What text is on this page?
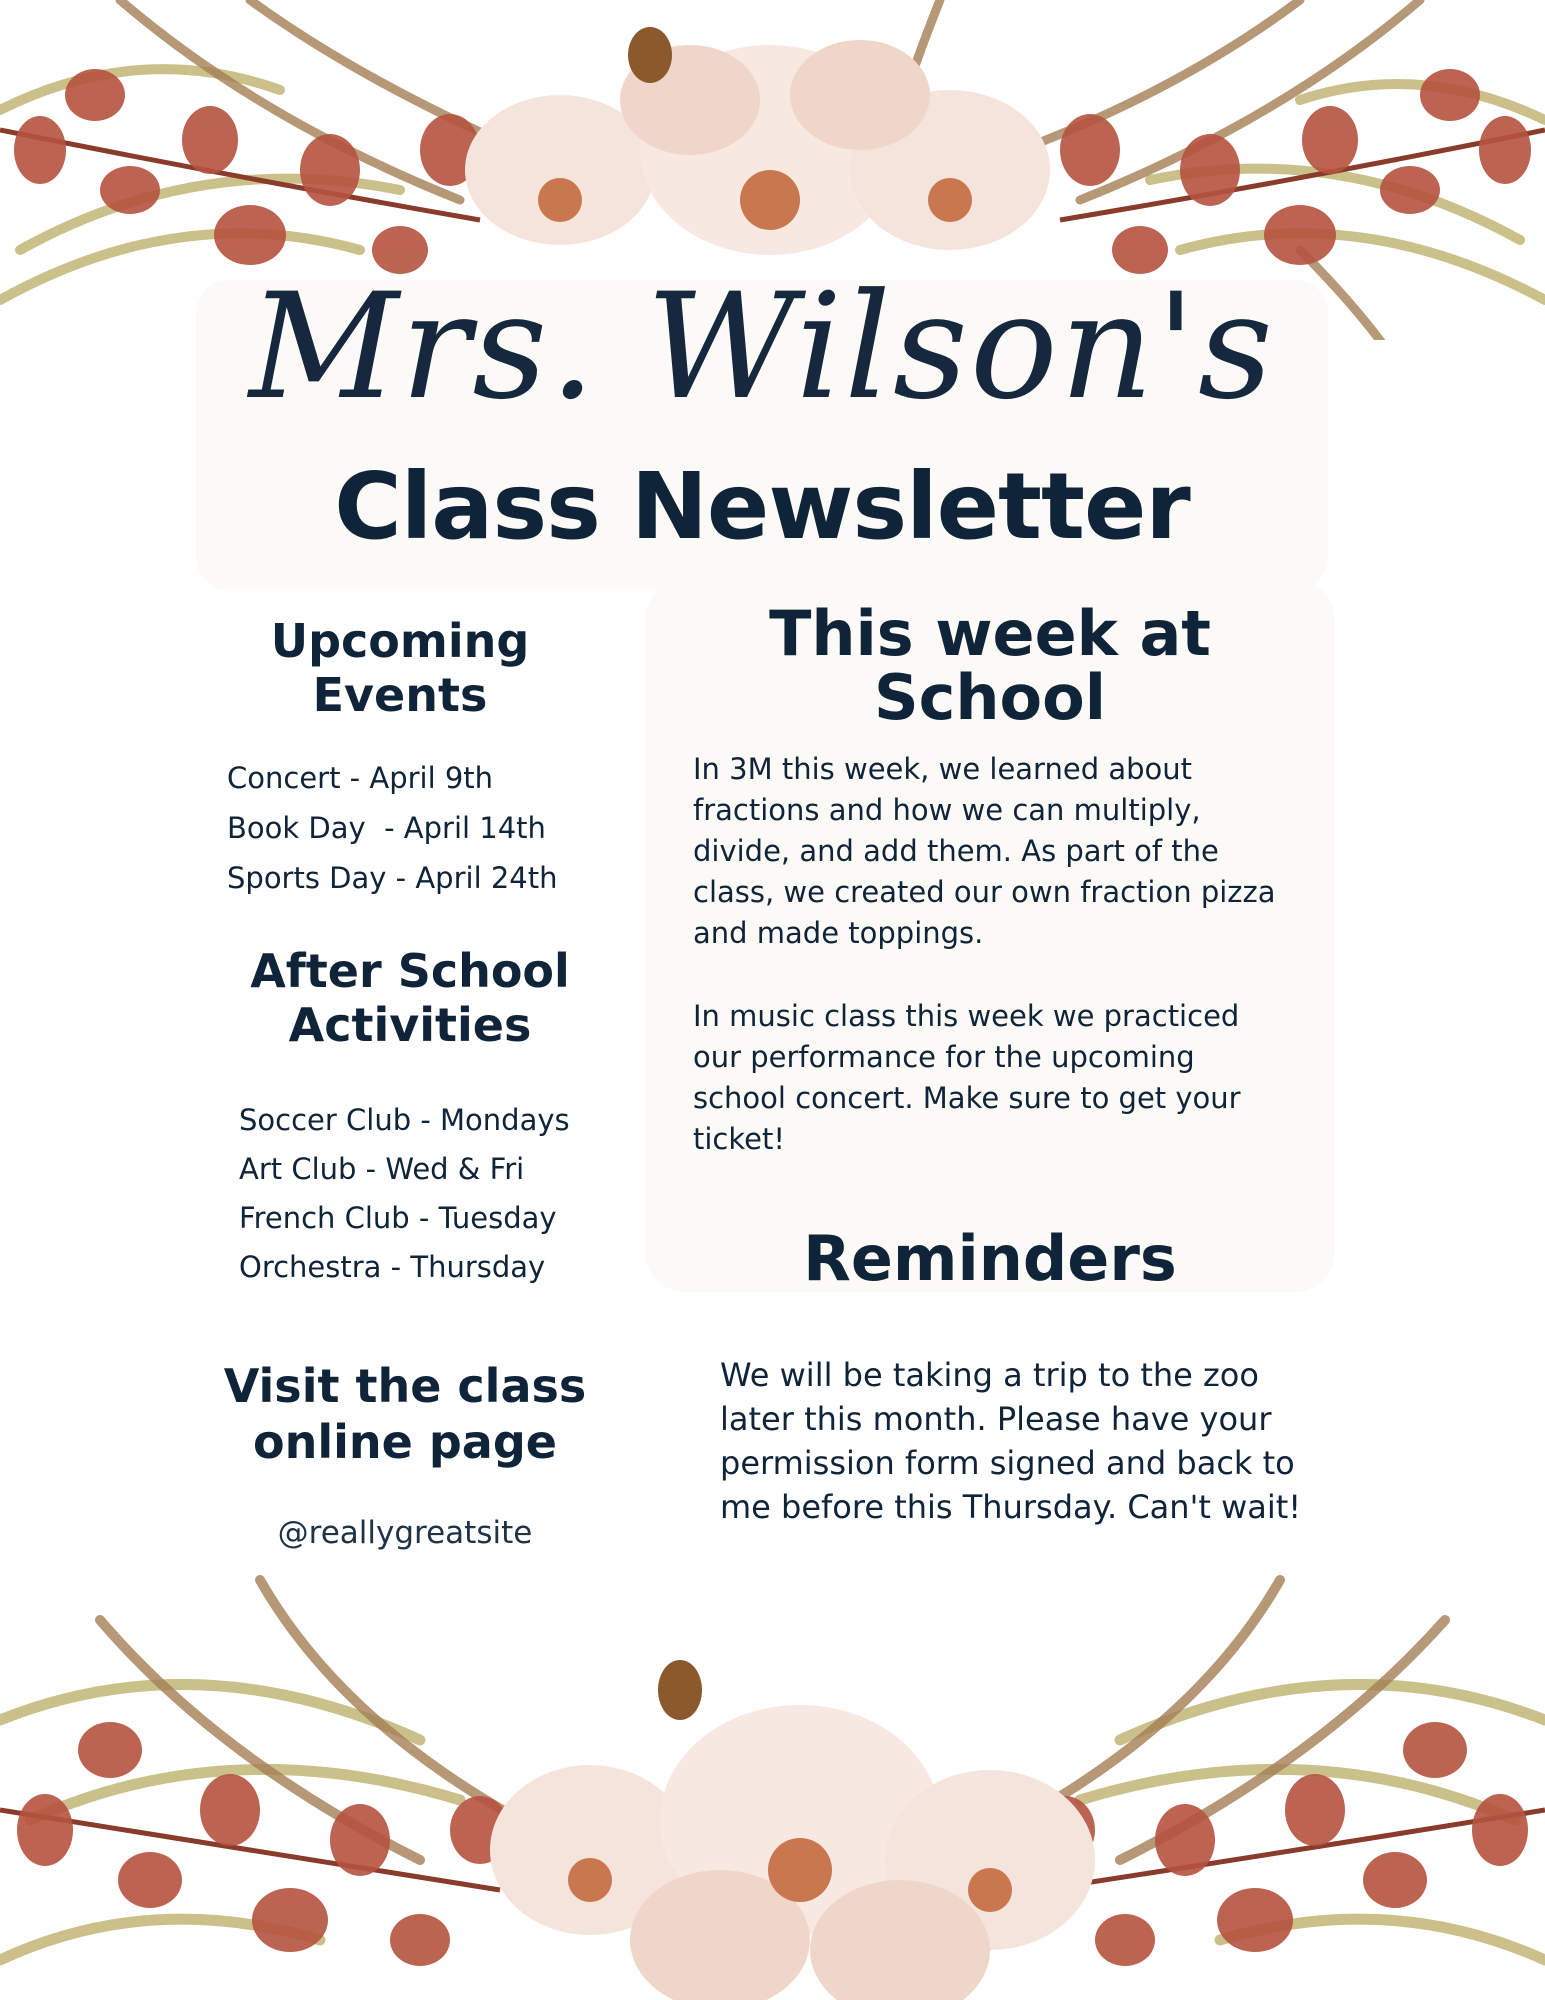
Mrs. Wilson's
Class Newsletter
Upcoming
Events
Concert - April 9th
Book Day  - April 14th
Sports Day - April 24th
After School
Activities
Soccer Club - Mondays
Art Club - Wed & Fri
French Club - Tuesday
Orchestra - Thursday
Visit the class
online page
@reallygreatsite
This week at
School

In 3M this week, we learned about fractions and how we can multiply, divide, and add them. As part of the class, we created our own fraction pizza and made toppings.

In music class this week we practiced our performance for the upcoming school concert. Make sure to get your ticket!

Reminders

We will be taking a trip to the zoo later this month. Please have your permission form signed and back to me before this Thursday. Can't wait!
